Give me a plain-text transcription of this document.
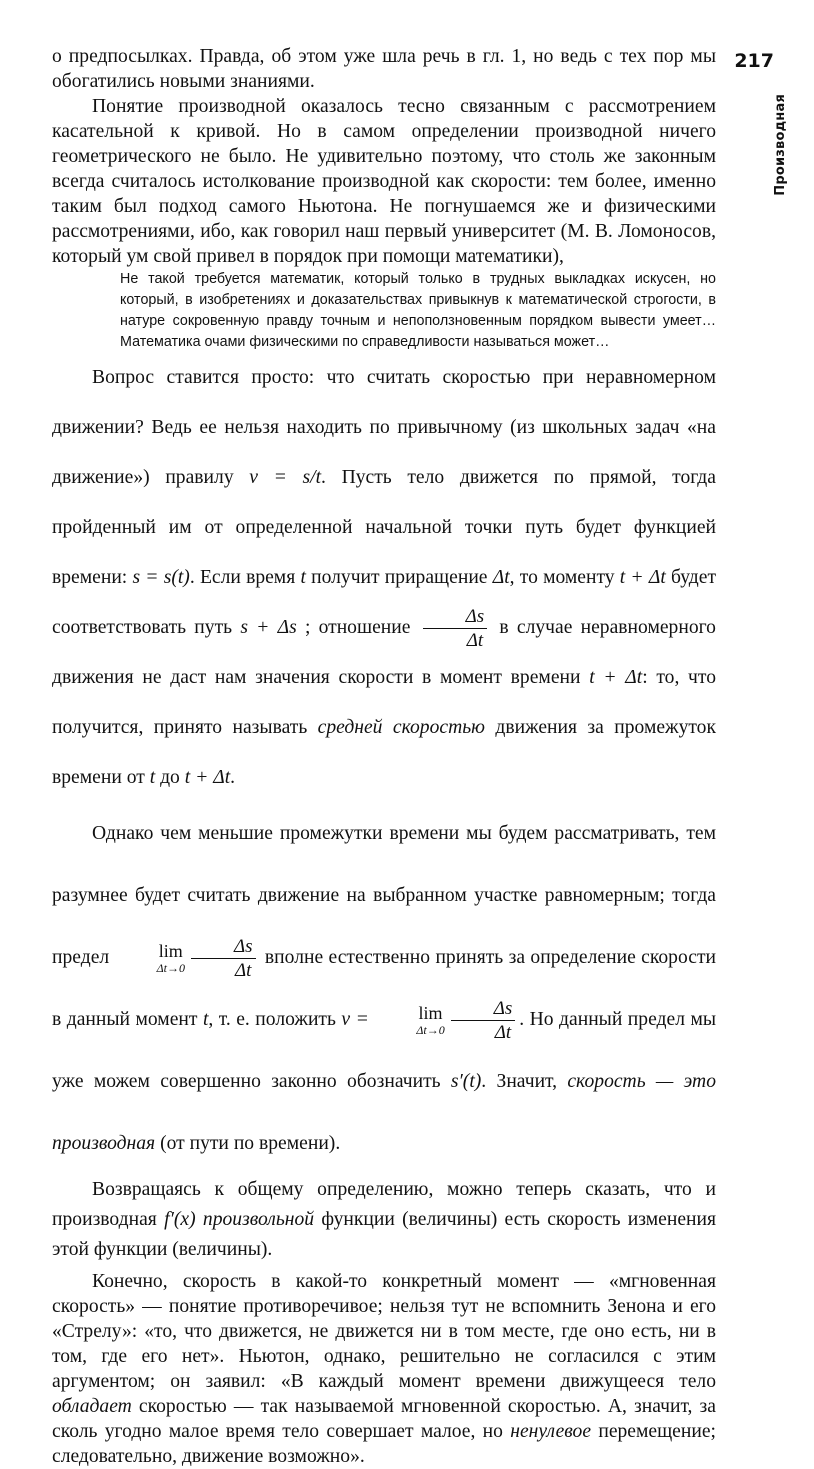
217
Производная

о предпосылках. Правда, об этом уже шла речь в гл. 1, но ведь с тех пор мы обогатились новыми знаниями.

Понятие производной оказалось тесно связанным с рассмотрением касательной к кривой. Но в самом определении производной ничего геометрического не было. Не удивительно поэтому, что столь же законным всегда считалось истолкование производной как скорости: тем более, именно таким был подход самого Ньютона. Не погнушаемся же и физическими рассмотрениями, ибо, как говорил наш первый университет (М. В. Ломоносов, который ум свой привел в порядок при помощи математики),

Не такой требуется математик, который только в трудных выкладках искусен, но который, в изобретениях и доказательствах привыкнув к математической строгости, в натуре сокровенную правду точным и непоползновенным порядком вывести умеет… Математика очами физическими по справедливости называться может…

Вопрос ставится просто: что считать скоростью при неравномерном движении? Ведь ее нельзя находить по привычному (из школьных задач «на движение») правилу v = s/t. Пусть тело движется по прямой, тогда пройденный им от определенной начальной точки путь будет функцией времени: s = s(t). Если время t получит приращение Δt, то моменту t + Δt будет соответствовать путь s + Δs ; отношение $\frac{\Delta s}{\Delta t}$ в случае неравномерного движения не даст нам значения скорости в момент времени t + Δt: то, что получится, принято называть средней скоростью движения за промежуток времени от t до t + Δt.

Однако чем меньшие промежутки времени мы будем рассматривать, тем разумнее будет считать движение на выбранном участке равномерным; тогда предел	lim
$\Delta t\to 0 \frac{\Delta s}{\Delta t}$ вполне естественно принять за определение скорости в данный момент t, т. е. положить v =	lim
$\Delta t\to 0 \frac{\Delta s}{\Delta t}$ . Но данный предел мы уже можем совершенно законно обозначить s′(t). Значит, скорость — это производная (от пути по времени).

Возвращаясь к общему определению, можно теперь сказать, что и производная f′(x) произвольной функции (величины) есть скорость изменения этой функции (величины).

Конечно, скорость в какой-то конкретный момент — «мгновенная скорость» — понятие противоречивое; нельзя тут не вспомнить Зенона и его «Стрелу»: «то, что движется, не движется ни в том месте, где оно есть, ни в том, где его нет». Ньютон, однако, решительно не согласился с этим аргументом; он заявил: «В каждый момент времени движущееся тело обладает скоростью — так называемой мгновенной скоростью. А, значит, за сколь угодно малое время тело совершает малое, но ненулевое перемещение; следовательно, движение возможно».
